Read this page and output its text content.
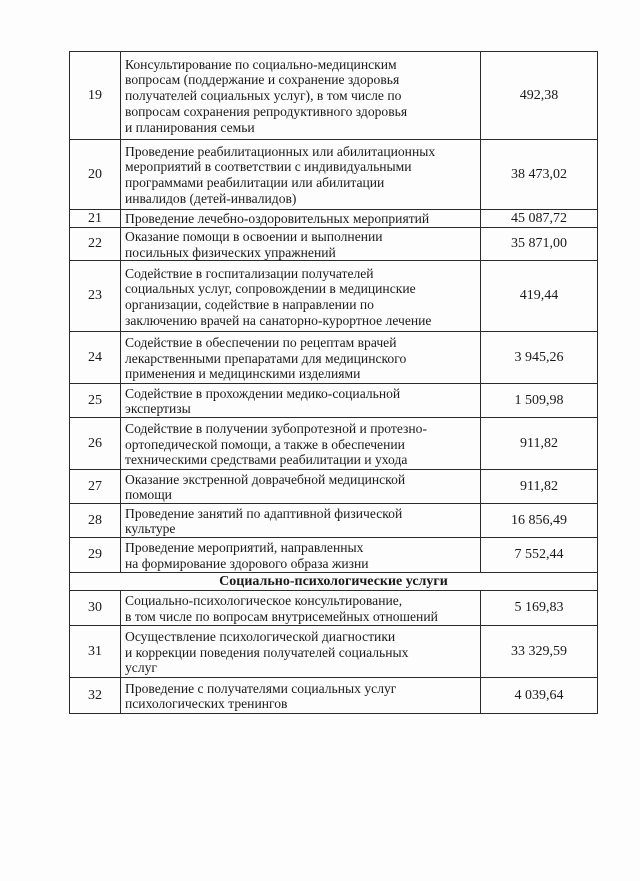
19	Консультирование по социально-медицинским
вопросам (поддержание и сохранение здоровья
получателей социальных услуг), в том числе по
вопросам сохранения репродуктивного здоровья
и планирования семьи	492,38
20	Проведение реабилитационных или абилитационных
мероприятий в соответствии с индивидуальными
программами реабилитации или абилитации
инвалидов (детей-инвалидов)	38 473,02
21	Проведение лечебно-оздоровительных мероприятий	45 087,72
22	Оказание помощи в освоении и выполнении
посильных физических упражнений	35 871,00
23	Содействие в госпитализации получателей
социальных услуг, сопровождении в медицинские
организации, содействие в направлении по
заключению врачей на санаторно-курортное лечение	419,44
24	Содействие в обеспечении по рецептам врачей
лекарственными препаратами для медицинского
применения и медицинскими изделиями	3 945,26
25	Содействие в прохождении медико-социальной
экспертизы	1 509,98
26	Содействие в получении зубопротезной и протезно-
ортопедической помощи, а также в обеспечении
техническими средствами реабилитации и ухода	911,82
27	Оказание экстренной доврачебной медицинской
помощи	911,82
28	Проведение занятий по адаптивной физической
культуре	16 856,49
29	Проведение мероприятий, направленных
на формирование здорового образа жизни	7 552,44
Социально-психологические услуги		
30	Социально-психологическое консультирование,
в том числе по вопросам внутрисемейных отношений	5 169,83
31	Осуществление психологической диагностики
и коррекции поведения получателей социальных
услуг	33 329,59
32	Проведение с получателями социальных услуг
психологических тренингов	4 039,64
